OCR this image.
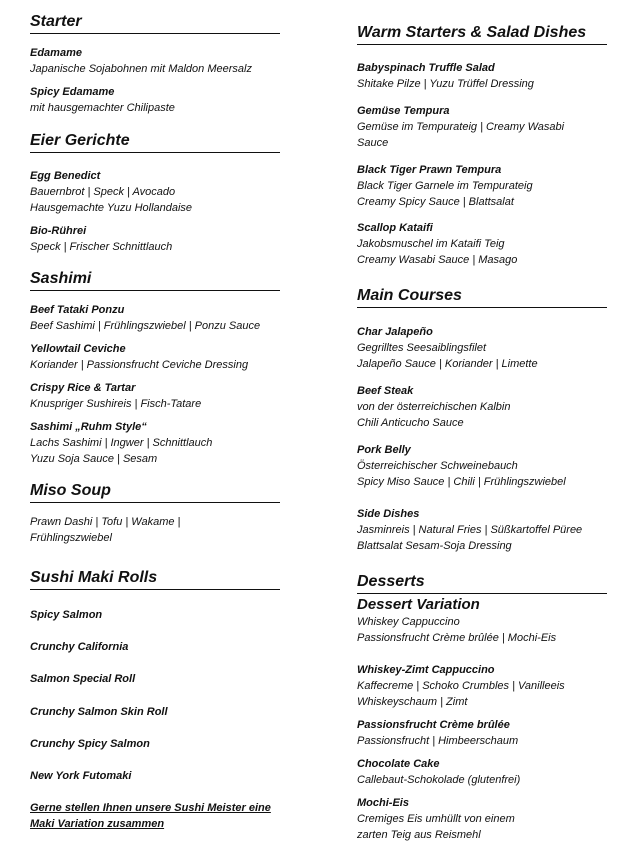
Starter
Edamame
Japanische Sojabohnen mit Maldon Meersalz
Spicy Edamame
mit hausgemachter Chilipaste
Eier Gerichte
Egg Benedict
Bauernbrot | Speck | Avocado
Hausgemachte Yuzu Hollandaise
Bio-Rührei
Speck | Frischer Schnittlauch
Sashimi
Beef Tataki Ponzu
Beef Sashimi | Frühlingszwiebel | Ponzu Sauce
Yellowtail Ceviche
Koriander | Passionsfrucht Ceviche Dressing
Crispy Rice & Tartar
Knuspriger Sushireis | Fisch-Tatare
Sashimi „Ruhm Style“
Lachs Sashimi | Ingwer | Schnittlauch
Yuzu Soja Sauce | Sesam
Miso Soup
Prawn Dashi | Tofu | Wakame |
Frühlingszwiebel
Sushi Maki Rolls
Spicy Salmon
Crunchy California
Salmon Special Roll
Crunchy Salmon Skin Roll
Crunchy Spicy Salmon
New York Futomaki
Gerne stellen Ihnen unsere Sushi Meister eine Maki Variation zusammen
Warm Starters & Salad Dishes
Babyspinach Truffle Salad
Shitake Pilze | Yuzu Trüffel Dressing
Gemüse Tempura
Gemüse im Tempurateig | Creamy Wasabi
Sauce
Black Tiger Prawn Tempura
Black Tiger Garnele im Tempurateig
Creamy Spicy Sauce | Blattsalat
Scallop Kataifi
Jakobsmuschel im Kataifi Teig
Creamy Wasabi Sauce | Masago
Main Courses
Char Jalapeño
Gegrilltes Seesaiblingsfilet
Jalapeño Sauce | Koriander | Limette
Beef Steak
von der österreichischen Kalbin
Chili Anticucho Sauce
Pork Belly
Österreichischer Schweinebauch
Spicy Miso Sauce | Chili | Frühlingszwiebel
Side Dishes
Jasminreis | Natural Fries | Süßkartoffel Püree
Blattsalat Sesam-Soja Dressing
Desserts
Dessert Variation
Whiskey Cappuccino
Passionsfrucht Crème brûlée | Mochi-Eis
Whiskey-Zimt Cappuccino
Kaffecreme | Schoko Crumbles | Vanilleeis
Whiskeyschaum | Zimt
Passionsfrucht Crème brûlée
Passionsfrucht | Himbeerschaum
Chocolate Cake
Callebaut-Schokolade (glutenfrei)
Mochi-Eis
Cremiges Eis umhüllt von einem
zarten Teig aus Reismehl
